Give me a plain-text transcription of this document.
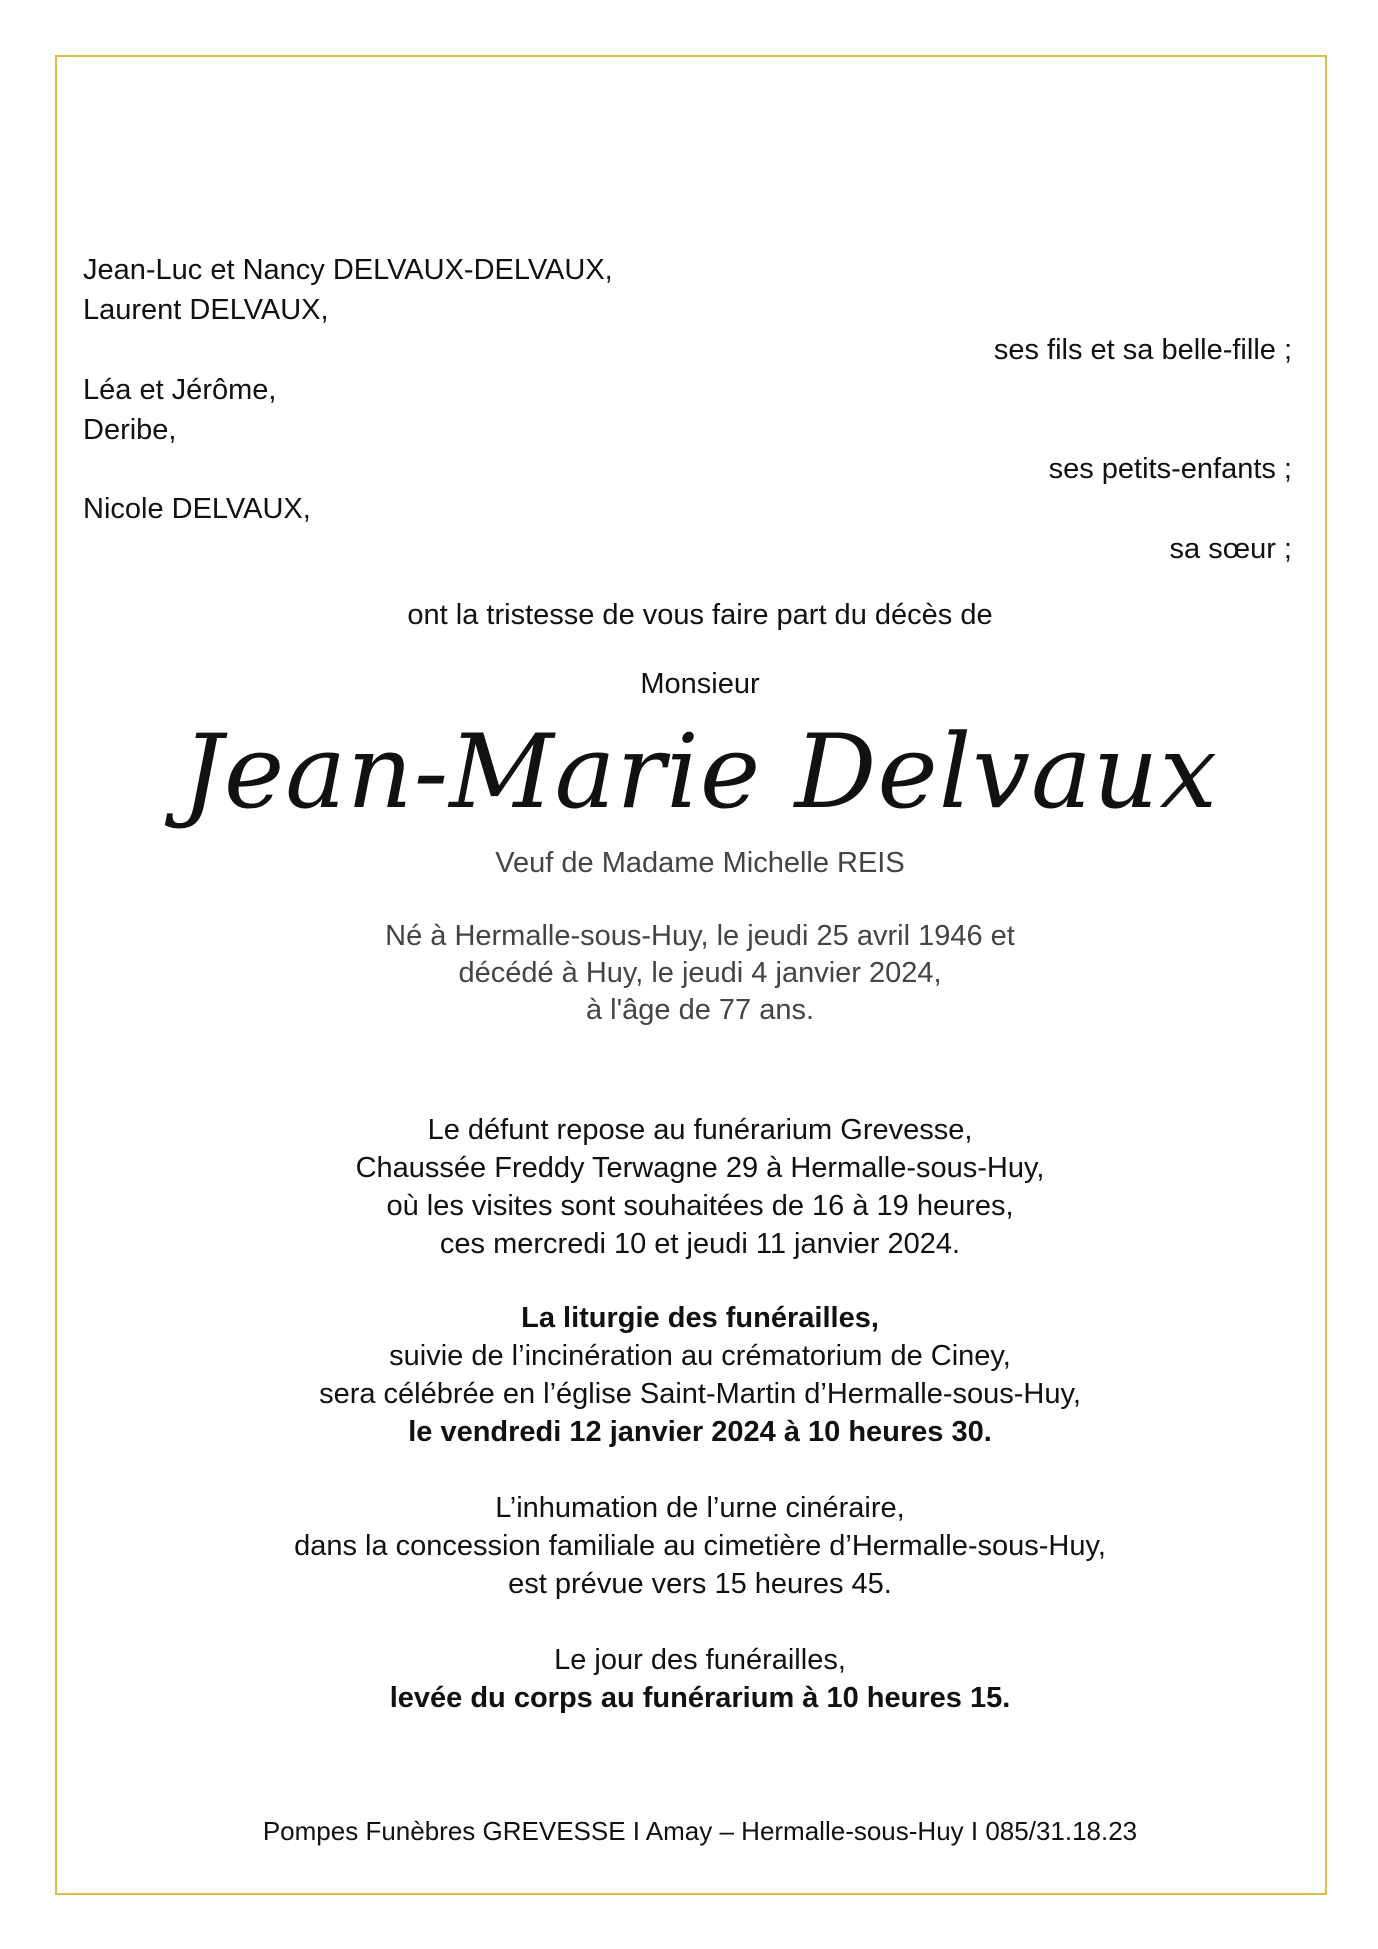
Jean-Luc et Nancy DELVAUX-DELVAUX,
Laurent DELVAUX,
ses fils et sa belle-fille ;
Léa et Jérôme,
Deribe,
ses petits-enfants ;
Nicole DELVAUX,
sa sœur ;
ont la tristesse de vous faire part du décès de
Monsieur
Jean-Marie Delvaux
Veuf de Madame Michelle REIS
Né à Hermalle-sous-Huy, le jeudi 25 avril 1946 et
décédé à Huy, le jeudi 4 janvier 2024,
à l'âge de 77 ans.
Le défunt repose au funérarium Grevesse,
Chaussée Freddy Terwagne 29 à Hermalle-sous-Huy,
où les visites sont souhaitées de 16 à 19 heures,
ces mercredi 10 et jeudi 11 janvier 2024.
La liturgie des funérailles,
suivie de l’incinération au crématorium de Ciney,
sera célébrée en l’église Saint-Martin d’Hermalle-sous-Huy,
le vendredi 12 janvier 2024 à 10 heures 30.
L’inhumation de l’urne cinéraire,
dans la concession familiale au cimetière d’Hermalle-sous-Huy,
est prévue vers 15 heures 45.
Le jour des funérailles,
levée du corps au funérarium à 10 heures 15.
Pompes Funèbres GREVESSE I Amay – Hermalle-sous-Huy I 085/31.18.23
